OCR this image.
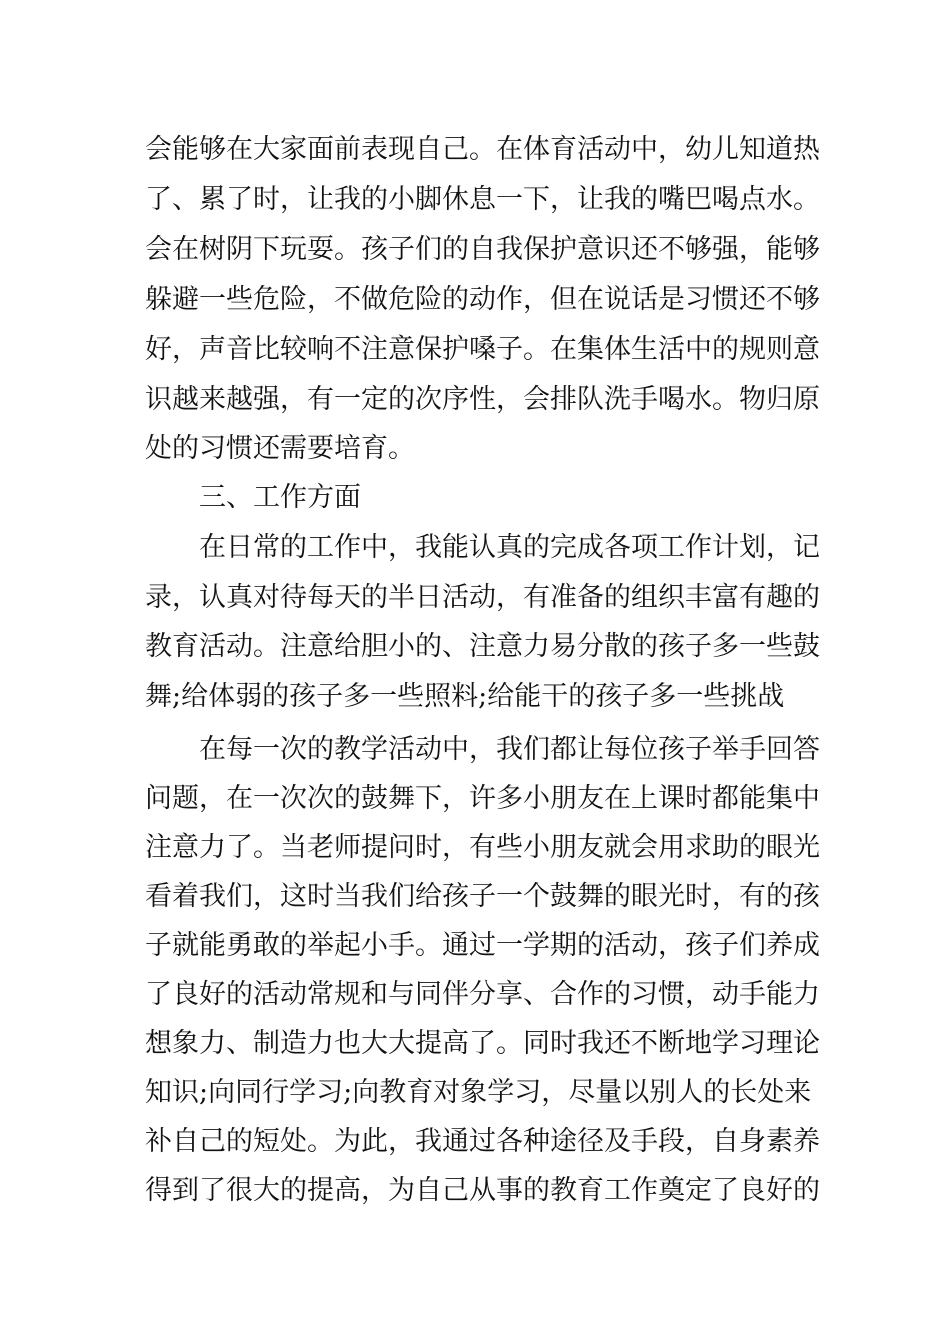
会能够在大家面前表现自己。在体育活动中，幼儿知道热
了、累了时，让我的小脚休息一下，让我的嘴巴喝点水。
会在树阴下玩耍。孩子们的自我保护意识还不够强，能够
躲避一些危险，不做危险的动作，但在说话是习惯还不够
好，声音比较响不注意保护嗓子。在集体生活中的规则意
识越来越强，有一定的次序性，会排队洗手喝水。物归原
处的习惯还需要培育。
三、工作方面
在日常的工作中，我能认真的完成各项工作计划，记
录，认真对待每天的半日活动，有准备的组织丰富有趣的
教育活动。注意给胆小的、注意力易分散的孩子多一些鼓
舞;给体弱的孩子多一些照料;给能干的孩子多一些挑战
在每一次的教学活动中，我们都让每位孩子举手回答
问题，在一次次的鼓舞下，许多小朋友在上课时都能集中
注意力了。当老师提问时，有些小朋友就会用求助的眼光
看着我们，这时当我们给孩子一个鼓舞的眼光时，有的孩
子就能勇敢的举起小手。通过一学期的活动，孩子们养成
了良好的活动常规和与同伴分享、合作的习惯，动手能力
想象力、制造力也大大提高了。同时我还不断地学习理论
知识;向同行学习;向教育对象学习，尽量以别人的长处来
补自己的短处。为此，我通过各种途径及手段，自身素养
得到了很大的提高，为自己从事的教育工作奠定了良好的
